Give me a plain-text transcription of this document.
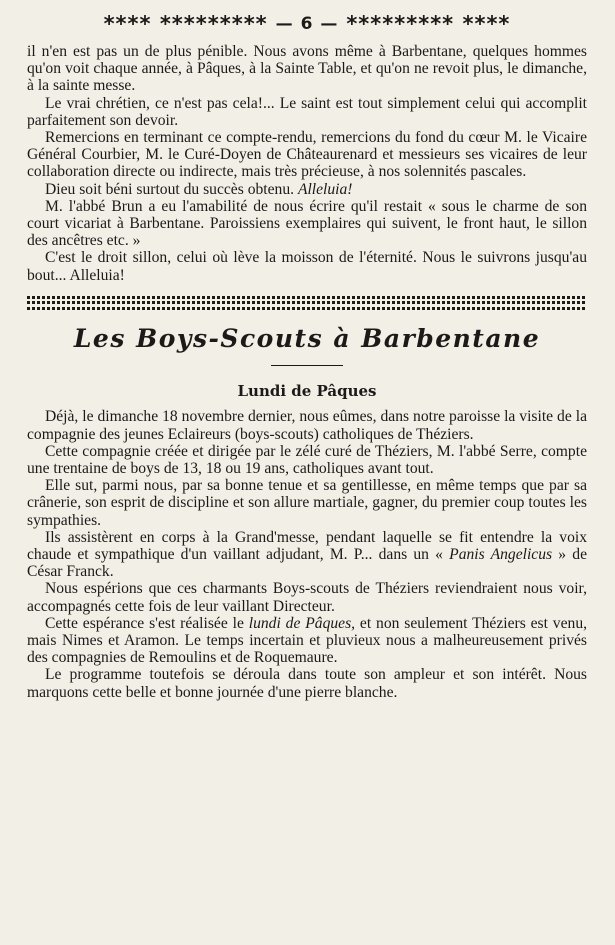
**** ********* — 6 — ********* ****

il n'en est pas un de plus pénible. Nous avons même à Barbentane, quelques hommes qu'on voit chaque année, à Pâques, à la Sainte Table, et qu'on ne revoit plus, le dimanche, à la sainte messe.

Le vrai chrétien, ce n'est pas cela!... Le saint est tout simplement celui qui accomplit parfaitement son devoir.

Remercions en terminant ce compte-rendu, remercions du fond du cœur M. le Vicaire Général Courbier, M. le Curé-Doyen de Châteaurenard et messieurs ses vicaires de leur collaboration directe ou indirecte, mais très précieuse, à nos solennités pascales.

Dieu soit béni surtout du succès obtenu. Alleluia!

M. l'abbé Brun a eu l'amabilité de nous écrire qu'il restait « sous le charme de son court vicariat à Barbentane. Paroissiens exemplaires qui suivent, le front haut, le sillon des ancêtres etc. »

C'est le droit sillon, celui où lève la moisson de l'éternité. Nous le suivrons jusqu'au bout... Alleluia!

Les Boys-Scouts à Barbentane
Lundi de Pâques

Déjà, le dimanche 18 novembre dernier, nous eûmes, dans notre paroisse la visite de la compagnie des jeunes Eclaireurs (boys-scouts) catholiques de Théziers.

Cette compagnie créée et dirigée par le zélé curé de Théziers, M. l'abbé Serre, compte une trentaine de boys de 13, 18 ou 19 ans, catholiques avant tout.

Elle sut, parmi nous, par sa bonne tenue et sa gentillesse, en même temps que par sa crânerie, son esprit de discipline et son allure martiale, gagner, du premier coup toutes les sympathies.

Ils assistèrent en corps à la Grand'messe, pendant laquelle se fit entendre la voix chaude et sympathique d'un vaillant adjudant, M. P... dans un « Panis Angelicus » de César Franck.

Nous espérions que ces charmants Boys-scouts de Théziers reviendraient nous voir, accompagnés cette fois de leur vaillant Directeur.

Cette espérance s'est réalisée le lundi de Pâques, et non seulement Théziers est venu, mais Nimes et Aramon. Le temps incertain et pluvieux nous a malheureusement privés des compagnies de Remoulins et de Roquemaure.

Le programme toutefois se déroula dans toute son ampleur et son intérêt. Nous marquons cette belle et bonne journée d'une pierre blanche.
